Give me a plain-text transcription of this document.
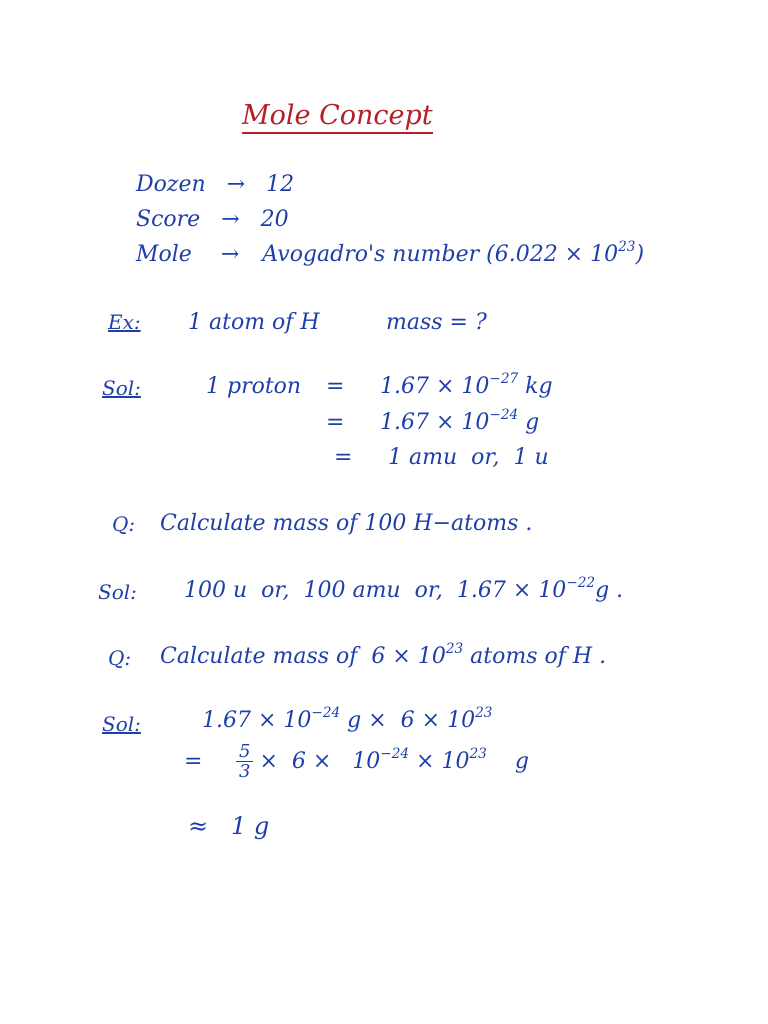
Mole Concept
Dozen → 12
Score → 20
Mole → Avogadro's number $(6.022 \times 10^{23})$
Ex: 1 atom of H	mass = ?
Sol:	1 proton = $1.67 \times 10^{-27}$ kg
= $1.67 \times 10^{-24}$ g
= 1 amu  or,  1 u
Q: Calculate mass of 100 H−atoms .
Sol: 100 u  or,  100 amu  or,  $1.67 \times 10^{-22}g$ .
Q: Calculate mass of  $6 \times 10^{23}$ atoms of H .
Sol:	$1.67 \times 10^{-24}$ $g \times 6 \times 10^{23}$
=	$\frac{5}{3} \times 6 \times 10^{-24} \times 10^{23}$ g
≈   1 g
